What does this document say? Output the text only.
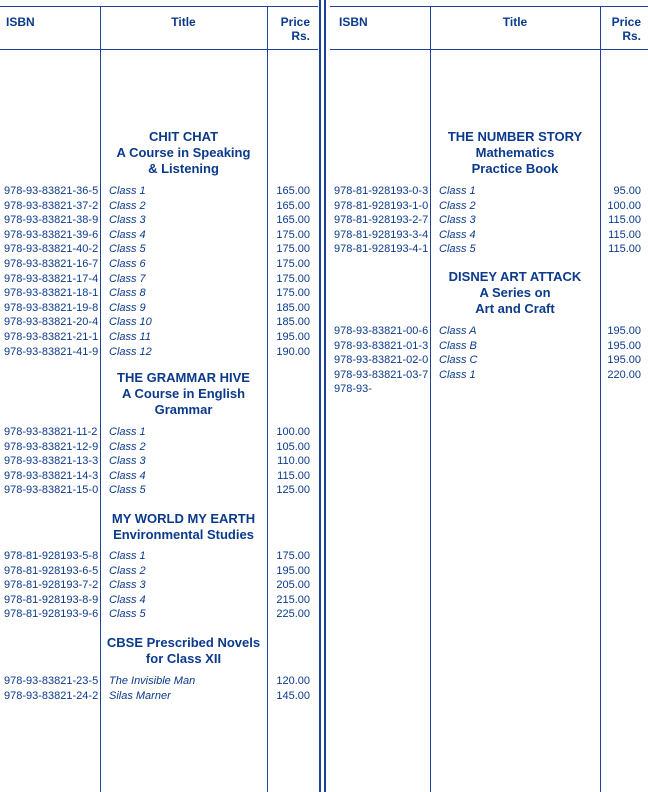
ISBN	Title	Price
Rs.
CHIT CHAT
A Course in Speaking
& Listening
978-93-83821-36-5 Class 1	165.00
978-93-83821-37-2 Class 2	165.00
978-93-83821-38-9 Class 3	165.00
978-93-83821-39-6 Class 4	175.00
978-93-83821-40-2 Class 5	175.00
978-93-83821-16-7 Class 6	175.00
978-93-83821-17-4 Class 7	175.00
978-93-83821-18-1 Class 8	175.00
978-93-83821-19-8 Class 9	185.00
978-93-83821-20-4 Class 10	185.00
978-93-83821-21-1 Class 11	195.00
978-93-83821-41-9 Class 12	190.00
THE GRAMMAR HIVE
A Course in English
Grammar
978-93-83821-11-2 Class 1	100.00
978-93-83821-12-9 Class 2	105.00
978-93-83821-13-3 Class 3	110.00
978-93-83821-14-3 Class 4	115.00
978-93-83821-15-0 Class 5	125.00
MY WORLD MY EARTH
Environmental Studies
978-81-928193-5-8 Class 1	175.00
978-81-928193-6-5 Class 2	195.00
978-81-928193-7-2 Class 3	205.00
978-81-928193-8-9 Class 4	215.00
978-81-928193-9-6 Class 5	225.00
CBSE Prescribed Novels
for Class XII
978-93-83821-23-5 The Invisible Man	120.00
978-93-83821-24-2 Silas Marner	145.00
ISBN	Title	Price
Rs.
THE NUMBER STORY
Mathematics
Practice Book
978-81-928193-0-3 Class 1	95.00
978-81-928193-1-0 Class 2	100.00
978-81-928193-2-7 Class 3	115.00
978-81-928193-3-4 Class 4	115.00
978-81-928193-4-1 Class 5	115.00
DISNEY ART ATTACK
A Series on
Art and Craft
978-93-83821-00-6 Class A	195.00
978-93-83821-01-3 Class B	195.00
978-93-83821-02-0 Class C	195.00
978-93-83821-03-7 Class 1	220.00
978-93-
